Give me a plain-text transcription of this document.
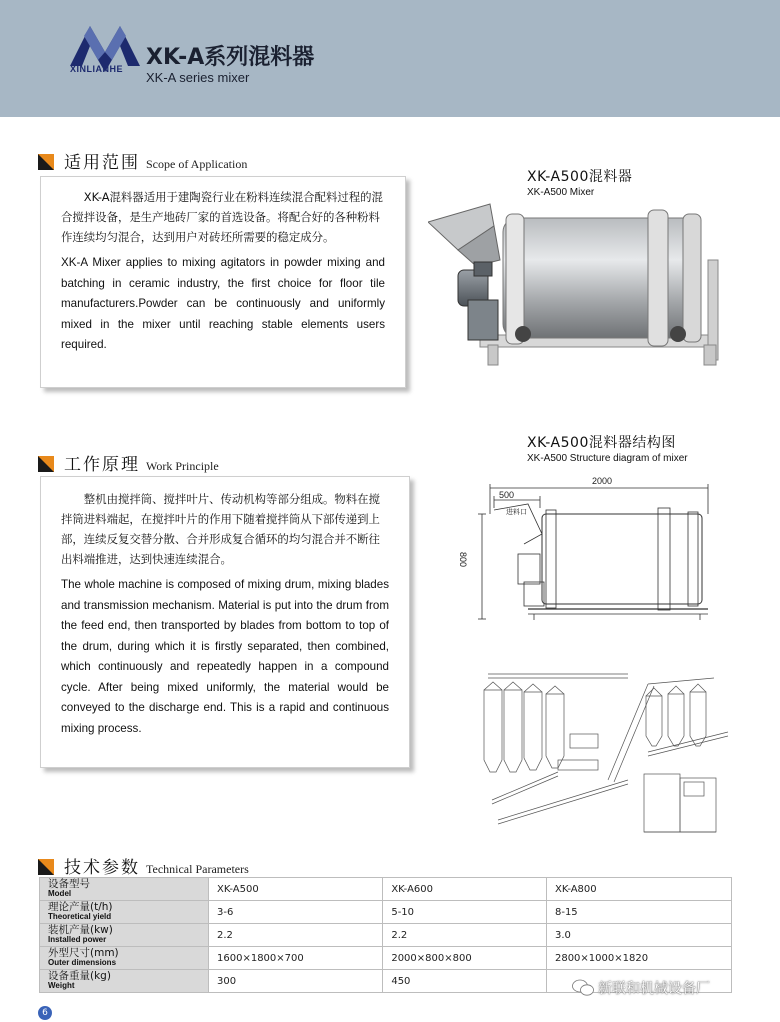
XINLIANHE XK-A系列混料器
XK-A series mixer
适用范围 Scope of Application

XK-A混料器适用于建陶瓷行业在粉料连续混合配料过程的混合搅拌设备，是生产地砖厂家的首选设备。将配合好的各种粉料作连续均匀混合，达到用户对砖坯所需要的稳定成分。

XK-A Mixer applies to mixing agitators in powder mixing and batching in ceramic industry, the first choice for floor tile manufacturers.Powder can be continuously and uniformly mixed in the mixer until reaching stable elements users required.

XK-A500混料器
XK-A500 Mixer
工作原理 Work Principle

整机由搅拌筒、搅拌叶片、传动机构等部分组成。物料在搅拌筒进料端起，在搅拌叶片的作用下随着搅拌筒从下部传递到上部，连续反复交替分散、合并形成复合循环的均匀混合并不断往出料端推进，达到快速连续混合。

The whole machine is composed of mixing drum, mixing blades and transmission mechanism. Material is put into the drum from the feed end, then transported by blades from bottom to top of the drum, during which it is firstly separated, then combined, which continuously and repeatedly happen in a compound cycle. After being mixed uniformly, the material would be conveyed to the discharge end. This is a rapid and continuous mixing process.

XK-A500混料器结构图
XK-A500 Structure diagram of mixer
2000
500
800
进料口
技术参数 Technical Parameters
设备型号
Model	XK-A500	XK-A600	XK-A800

理论产量(t/h)
Theoretical yield	3-6	5-10	8-15

装机产量(kw)
Installed power	2.2	2.2	3.0

外型尺寸(mm)
Outer dimensions	1600×1800×700	2000×800×800	2800×1000×1820

设备重量(kg)
Weight	300	450	
6
新联和机械设备厂
